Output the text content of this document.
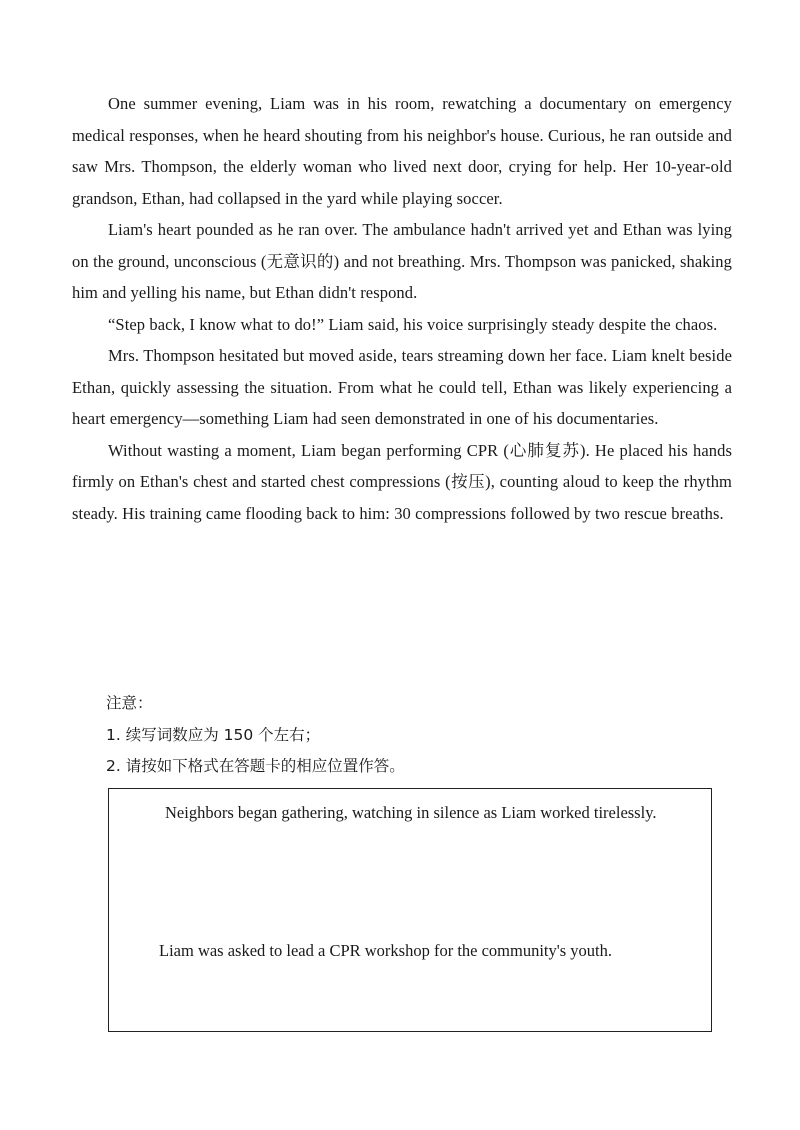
One summer evening, Liam was in his room, rewatching a documentary on emergency medical responses, when he heard shouting from his neighbor's house. Curious, he ran outside and saw Mrs. Thompson, the elderly woman who lived next door, crying for help. Her 10-year-old grandson, Ethan, had collapsed in the yard while playing soccer.

Liam's heart pounded as he ran over. The ambulance hadn't arrived yet and Ethan was lying on the ground, unconscious (无意识的) and not breathing. Mrs. Thompson was panicked, shaking him and yelling his name, but Ethan didn't respond.

“Step back, I know what to do!” Liam said, his voice surprisingly steady despite the chaos.

Mrs. Thompson hesitated but moved aside, tears streaming down her face. Liam knelt beside Ethan, quickly assessing the situation. From what he could tell, Ethan was likely experiencing a heart emergency—something Liam had seen demonstrated in one of his documentaries.

Without wasting a moment, Liam began performing CPR (心肺复苏). He placed his hands firmly on Ethan's chest and started chest compressions (按压), counting aloud to keep the rhythm steady. His training came flooding back to him: 30 compressions followed by two rescue breaths.

注意：

1. 续写词数应为 150 个左右；

2. 请按如下格式在答题卡的相应位置作答。

Neighbors began gathering, watching in silence as Liam worked tirelessly.

Liam was asked to lead a CPR workshop for the community's youth.
